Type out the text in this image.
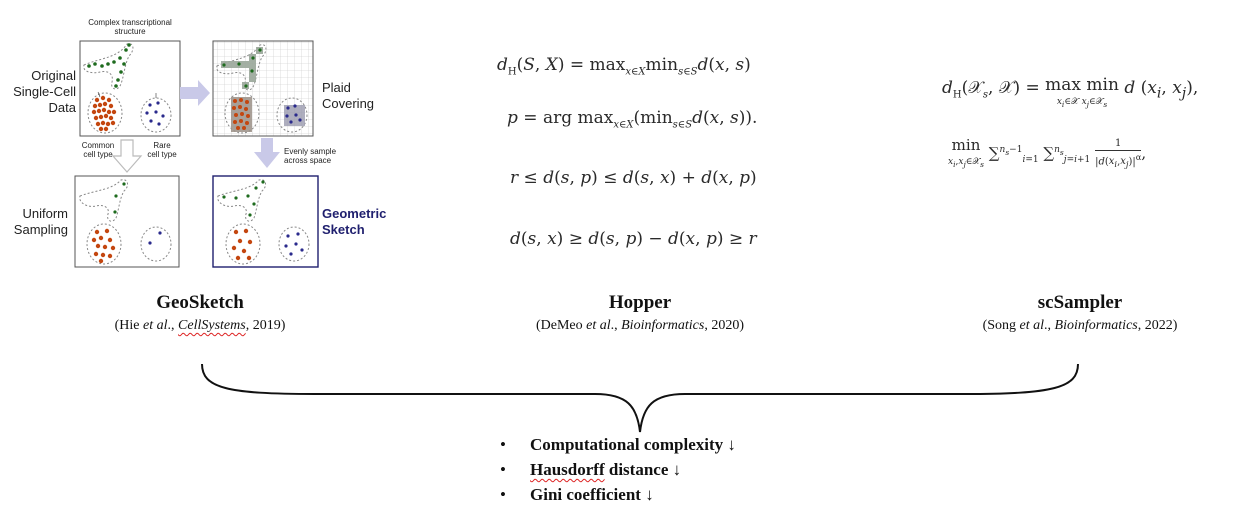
Complex transcriptional
structure
Original
Single-Cell
Data
Common
cell type
Rare
cell type
Plaid
Covering
Evenly sample
across space
Uniform
Sampling
Geometric
Sketch
$d_H(S$, $X) = \max_{x\in X}\min_{s\in S}d(x$, s)
p = arg $\max_{x\in X}(\min_{s\in S}d(x$, s)).
r ≤ d(s, p) ≤ d(s, x) + d(x, p)
d(s, x) ≥ d(s, p) − d(x, p) ≥ r
$d_H(𝒳_s$, 𝒳) = max min
$x_i\in 𝒳$ $x_j\in 𝒳_s$ d ($x_i$, $x_j$),
min
$x_i,x_j\in 𝒳_s$ ∑$^{n_s-1}_{i=1}$ $\sum^{n_s}_{j=i+1} \frac{1}{|d(x_i,x_j)|^\alpha}$ ,
GeoSketch
(Hie et al., CellSystems, 2019)
Hopper
(DeMeo et al., Bioinformatics, 2020)
scSampler
(Song et al., Bioinformatics, 2022)
• Computational complexity ↓
• Hausdorff distance ↓
• Gini coefficient ↓
